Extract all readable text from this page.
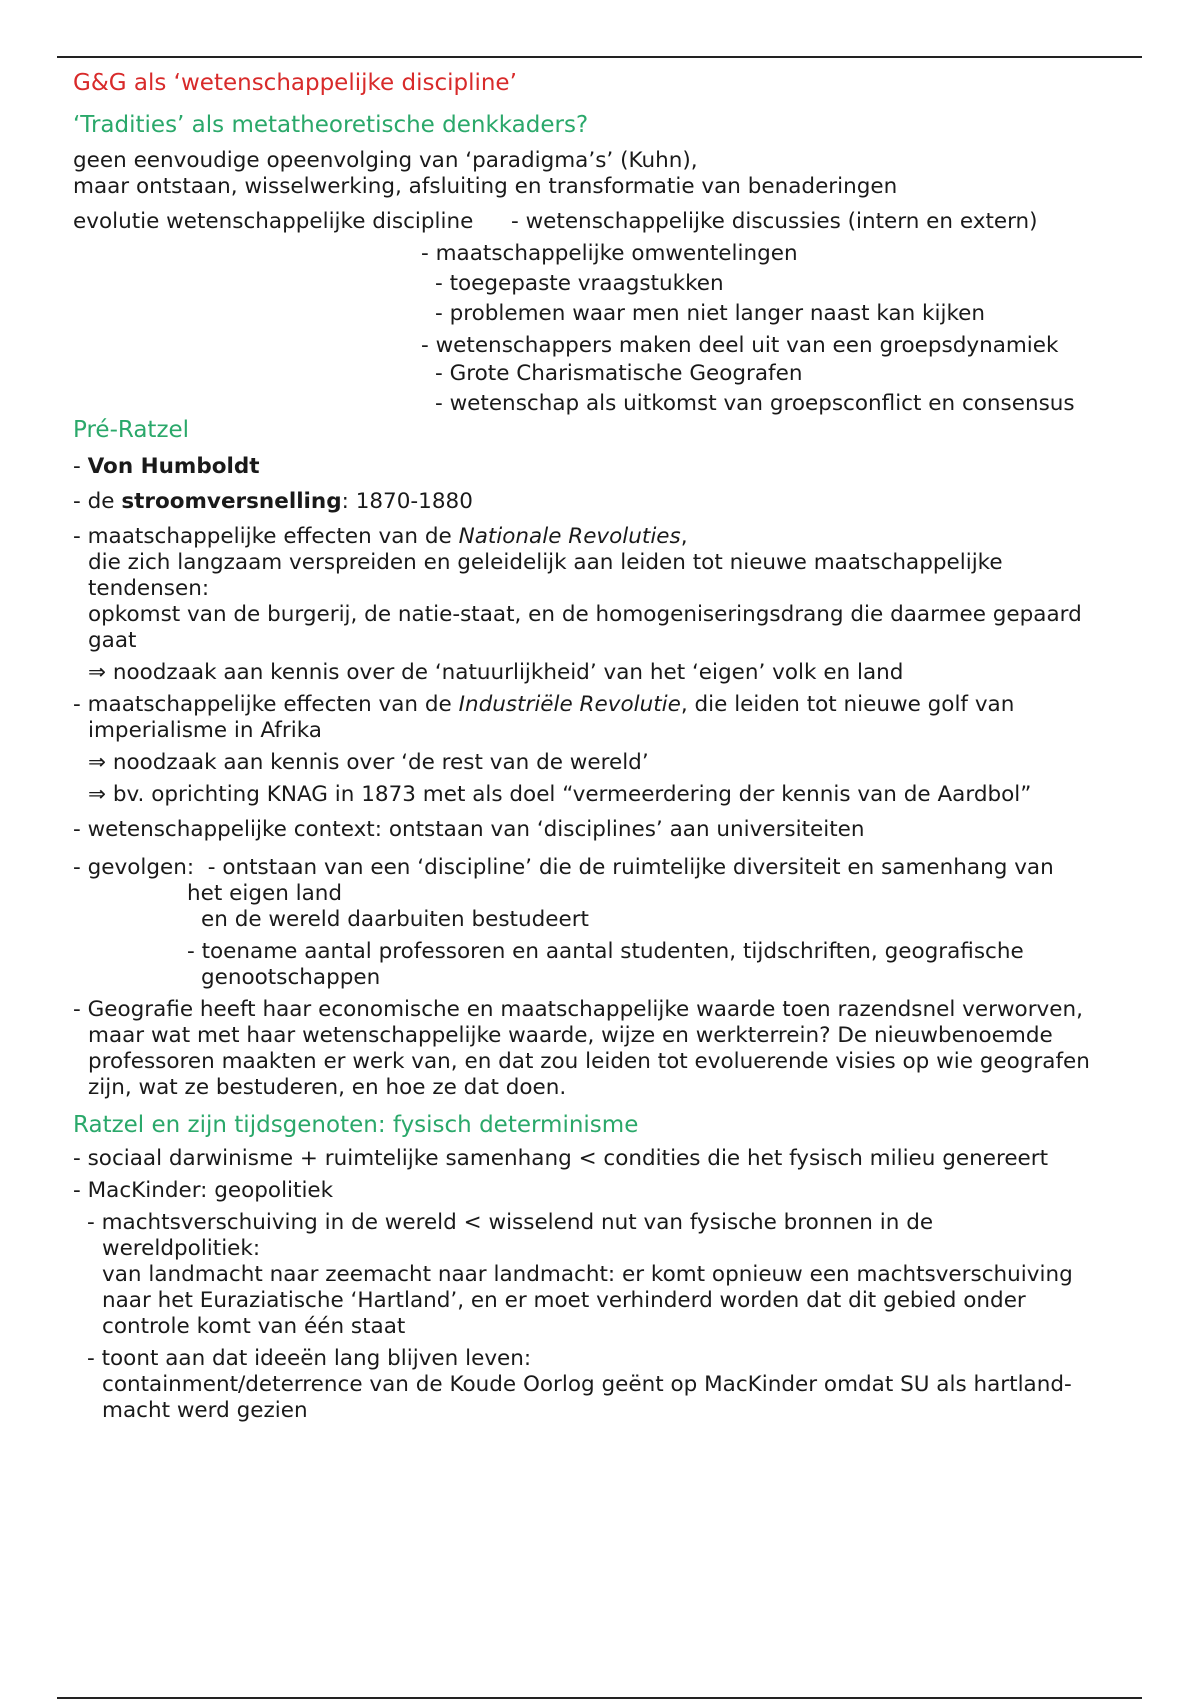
G&G als ‘wetenschappelijke discipline’
‘Tradities’ als metatheoretische denkkaders?
geen eenvoudige opeenvolging van ‘paradigma’s’ (Kuhn),
maar ontstaan, wisselwerking, afsluiting en transformatie van benaderingen
evolutie wetenschappelijke discipline	- wetenschappelijke discussies (intern en extern)
- maatschappelijke omwentelingen
- toegepaste vraagstukken
- problemen waar men niet langer naast kan kijken
- wetenschappers maken deel uit van een groepsdynamiek
- Grote Charismatische Geografen
- wetenschap als uitkomst van groepsconflict en consensus
Pré-Ratzel
- Von Humboldt
- de stroomversnelling: 1870-1880
- maatschappelijke effecten van de Nationale Revoluties,
die zich langzaam verspreiden en geleidelijk aan leiden tot nieuwe maatschappelijke
tendensen:
opkomst van de burgerij, de natie-staat, en de homogeniseringsdrang die daarmee gepaard
gaat
⇒ noodzaak aan kennis over de ‘natuurlijkheid’ van het ‘eigen’ volk en land
- maatschappelijke effecten van de Industriële Revolutie, die leiden tot nieuwe golf van
imperialisme in Afrika
⇒ noodzaak aan kennis over ‘de rest van de wereld’
⇒ bv. oprichting KNAG in 1873 met als doel “vermeerdering der kennis van de Aardbol”
- wetenschappelijke context: ontstaan van ‘disciplines’ aan universiteiten
- gevolgen: - ontstaan van een ‘discipline’ die de ruimtelijke diversiteit en samenhang van
het eigen land
en de wereld daarbuiten bestudeert
- toename aantal professoren en aantal studenten, tijdschriften, geografische
genootschappen
- Geografie heeft haar economische en maatschappelijke waarde toen razendsnel verworven,
maar wat met haar wetenschappelijke waarde, wijze en werkterrein? De nieuwbenoemde
professoren maakten er werk van, en dat zou leiden tot evoluerende visies op wie geografen
zijn, wat ze bestuderen, en hoe ze dat doen.
Ratzel en zijn tijdsgenoten: fysisch determinisme
- sociaal darwinisme + ruimtelijke samenhang < condities die het fysisch milieu genereert
- MacKinder: geopolitiek
- machtsverschuiving in de wereld < wisselend nut van fysische bronnen in de
wereldpolitiek:
van landmacht naar zeemacht naar landmacht: er komt opnieuw een machtsverschuiving
naar het Euraziatische ‘Hartland’, en er moet verhinderd worden dat dit gebied onder
controle komt van één staat
- toont aan dat ideeën lang blijven leven:
containment/deterrence van de Koude Oorlog geënt op MacKinder omdat SU als hartland-
macht werd gezien
